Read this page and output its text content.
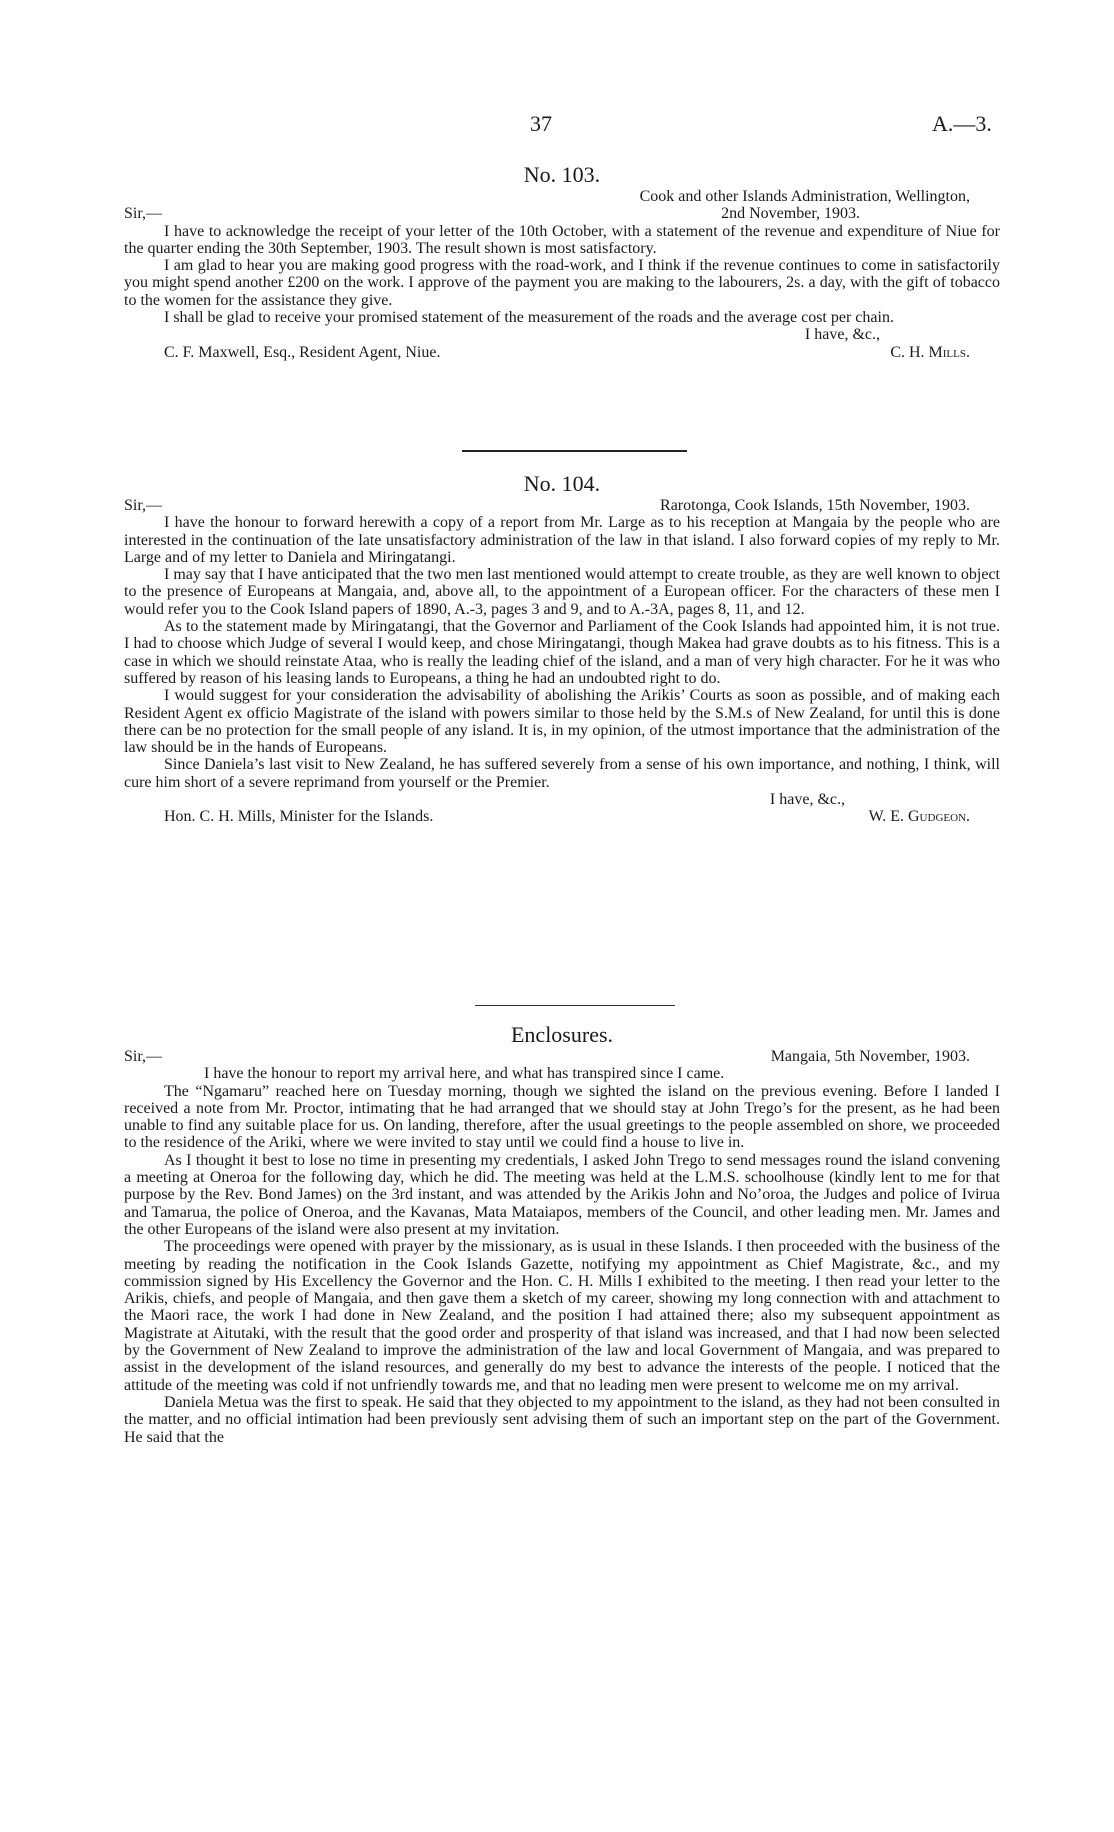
37	A.—3.
No. 103.
Cook and other Islands Administration, Wellington,
Sir,—	2nd November, 1903.

I have to acknowledge the receipt of your letter of the 10th October, with a statement of the revenue and expenditure of Niue for the quarter ending the 30th September, 1903. The result shown is most satisfactory.

I am glad to hear you are making good progress with the road-work, and I think if the revenue continues to come in satisfactorily you might spend another £200 on the work. I approve of the payment you are making to the labourers, 2s. a day, with the gift of tobacco to the women for the assistance they give.

I shall be glad to receive your promised statement of the measurement of the roads and the average cost per chain.

I have, &c.,
C. F. Maxwell, Esq., Resident Agent, Niue.	C. H. Mills.
No. 104.
Sir,—	Rarotonga, Cook Islands, 15th November, 1903.

I have the honour to forward herewith a copy of a report from Mr. Large as to his reception at Mangaia by the people who are interested in the continuation of the late unsatisfactory administration of the law in that island. I also forward copies of my reply to Mr. Large and of my letter to Daniela and Miringatangi.

I may say that I have anticipated that the two men last mentioned would attempt to create trouble, as they are well known to object to the presence of Europeans at Mangaia, and, above all, to the appointment of a European officer. For the characters of these men I would refer you to the Cook Island papers of 1890, A.-3, pages 3 and 9, and to A.-3A, pages 8, 11, and 12.

As to the statement made by Miringatangi, that the Governor and Parliament of the Cook Islands had appointed him, it is not true. I had to choose which Judge of several I would keep, and chose Miringatangi, though Makea had grave doubts as to his fitness. This is a case in which we should reinstate Ataa, who is really the leading chief of the island, and a man of very high character. For he it was who suffered by reason of his leasing lands to Europeans, a thing he had an undoubted right to do.

I would suggest for your consideration the advisability of abolishing the Arikis’ Courts as soon as possible, and of making each Resident Agent ex officio Magistrate of the island with powers similar to those held by the S.M.s of New Zealand, for until this is done there can be no protection for the small people of any island. It is, in my opinion, of the utmost importance that the administration of the law should be in the hands of Europeans.

Since Daniela’s last visit to New Zealand, he has suffered severely from a sense of his own importance, and nothing, I think, will cure him short of a severe reprimand from yourself or the Premier.

I have, &c.,
Hon. C. H. Mills, Minister for the Islands.	W. E. Gudgeon.
Enclosures.
Sir,—	Mangaia, 5th November, 1903.

I have the honour to report my arrival here, and what has transpired since I came.

The “Ngamaru” reached here on Tuesday morning, though we sighted the island on the previous evening. Before I landed I received a note from Mr. Proctor, intimating that he had arranged that we should stay at John Trego’s for the present, as he had been unable to find any suitable place for us. On landing, therefore, after the usual greetings to the people assembled on shore, we proceeded to the residence of the Ariki, where we were invited to stay until we could find a house to live in.

As I thought it best to lose no time in presenting my credentials, I asked John Trego to send messages round the island convening a meeting at Oneroa for the following day, which he did. The meeting was held at the L.M.S. schoolhouse (kindly lent to me for that purpose by the Rev. Bond James) on the 3rd instant, and was attended by the Arikis John and No’oroa, the Judges and police of Ivirua and Tamarua, the police of Oneroa, and the Kavanas, Mata Mataiapos, members of the Council, and other leading men. Mr. James and the other Europeans of the island were also present at my invitation.

The proceedings were opened with prayer by the missionary, as is usual in these Islands. I then proceeded with the business of the meeting by reading the notification in the Cook Islands Gazette, notifying my appointment as Chief Magistrate, &c., and my commission signed by His Excellency the Governor and the Hon. C. H. Mills I exhibited to the meeting. I then read your letter to the Arikis, chiefs, and people of Mangaia, and then gave them a sketch of my career, showing my long connection with and attachment to the Maori race, the work I had done in New Zealand, and the position I had attained there; also my subsequent appointment as Magistrate at Aitutaki, with the result that the good order and prosperity of that island was increased, and that I had now been selected by the Government of New Zealand to improve the administration of the law and local Government of Mangaia, and was prepared to assist in the development of the island resources, and generally do my best to advance the interests of the people. I noticed that the attitude of the meeting was cold if not unfriendly towards me, and that no leading men were present to welcome me on my arrival.

Daniela Metua was the first to speak. He said that they objected to my appointment to the island, as they had not been consulted in the matter, and no official intimation had been previously sent advising them of such an important step on the part of the Government. He said that the
